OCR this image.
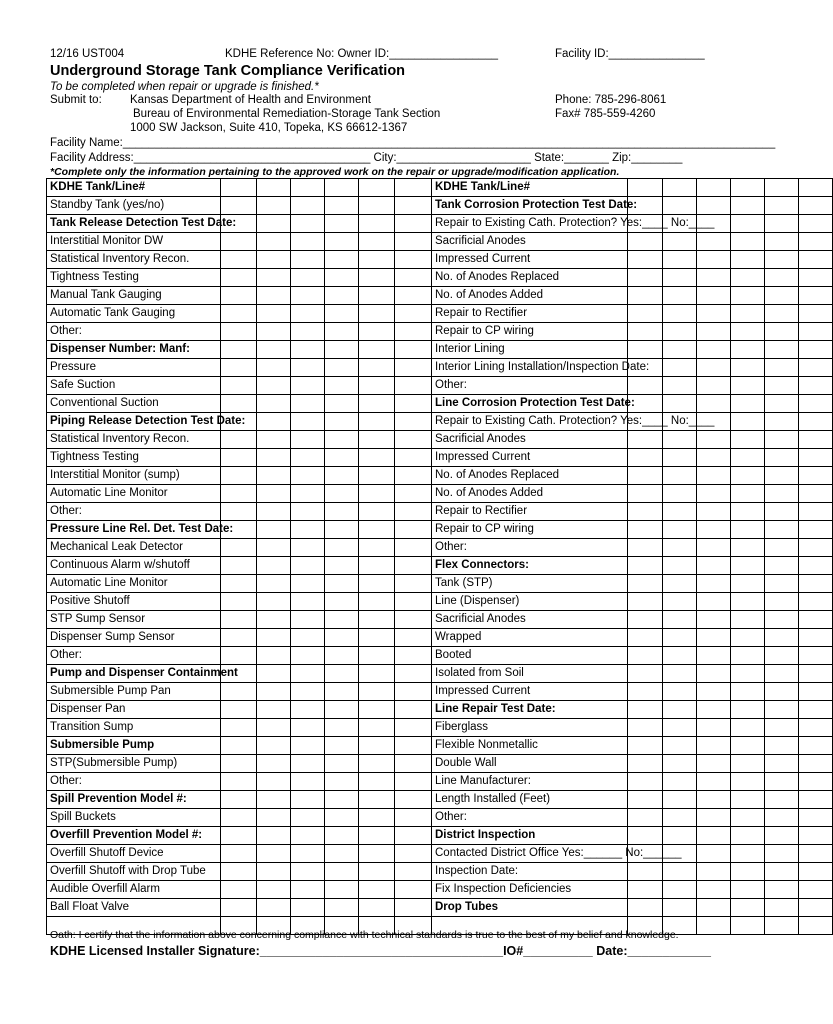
12/16 UST004	KDHE Reference No: Owner ID:_________________	Facility ID:_______________
Underground Storage Tank Compliance Verification
To be completed when repair or upgrade is finished.*
Submit to: Kansas Department of Health and Environment
Bureau of Environmental Remediation-Storage Tank Section
1000 SW Jackson, Suite 410, Topeka, KS 66612-1367
Phone: 785-296-8061
Fax# 785-559-4260
Facility Name:______________________________________________________________________________________________________
Facility Address:_____________________________________ City:_____________________ State:_______ Zip:________
*Complete only the information pertaining to the approved work on the repair or upgrade/modification application.
KDHE Tank/Line#							KDHE Tank/Line#						
Standby Tank (yes/no)							Tank Corrosion Protection Test Date:						
Tank Release Detection Test Date:							Repair to Existing Cath. Protection? Yes:____ No:____						
Interstitial Monitor DW							Sacrificial Anodes						
Statistical Inventory Recon.							Impressed Current						
Tightness Testing							No. of Anodes Replaced						
Manual Tank Gauging							No. of Anodes Added						
Automatic Tank Gauging							Repair to Rectifier						
Other:							Repair to CP wiring						
Dispenser Number: Manf:							Interior Lining						
Pressure							Interior Lining Installation/Inspection Date:						
Safe Suction							Other:						
Conventional Suction							Line Corrosion Protection Test Date:						
Piping Release Detection Test Date:							Repair to Existing Cath. Protection? Yes:____ No:____						
Statistical Inventory Recon.							Sacrificial Anodes						
Tightness Testing							Impressed Current						
Interstitial Monitor (sump)							No. of Anodes Replaced						
Automatic Line Monitor							No. of Anodes Added						
Other:							Repair to Rectifier						
Pressure Line Rel. Det. Test Date:							Repair to CP wiring						
Mechanical Leak Detector							Other:						
Continuous Alarm w/shutoff							Flex Connectors:						
Automatic Line Monitor							Tank (STP)						
Positive Shutoff							Line (Dispenser)						
STP Sump Sensor							Sacrificial Anodes						
Dispenser Sump Sensor							Wrapped						
Other:							Booted						
Pump and Dispenser Containment							Isolated from Soil						
Submersible Pump Pan							Impressed Current						
Dispenser Pan							Line Repair Test Date:						
Transition Sump							Fiberglass						
Submersible Pump							Flexible Nonmetallic						
STP(Submersible Pump)							Double Wall						
Other:							Line Manufacturer:						
Spill Prevention Model #:							Length Installed (Feet)						
Spill Buckets							Other:						
Overfill Prevention Model #:							District Inspection						
Overfill Shutoff Device							Contacted District Office Yes:______ No:______						
Overfill Shutoff with Drop Tube							Inspection Date:						
Audible Overfill Alarm							Fix Inspection Deficiencies						
Ball Float Valve							Drop Tubes						

Oath: I certify that the information above concerning compliance with technical standards is true to the best of my belief and knowledge.
KDHE Licensed Installer Signature:___________________________________IO#__________ Date:____________
